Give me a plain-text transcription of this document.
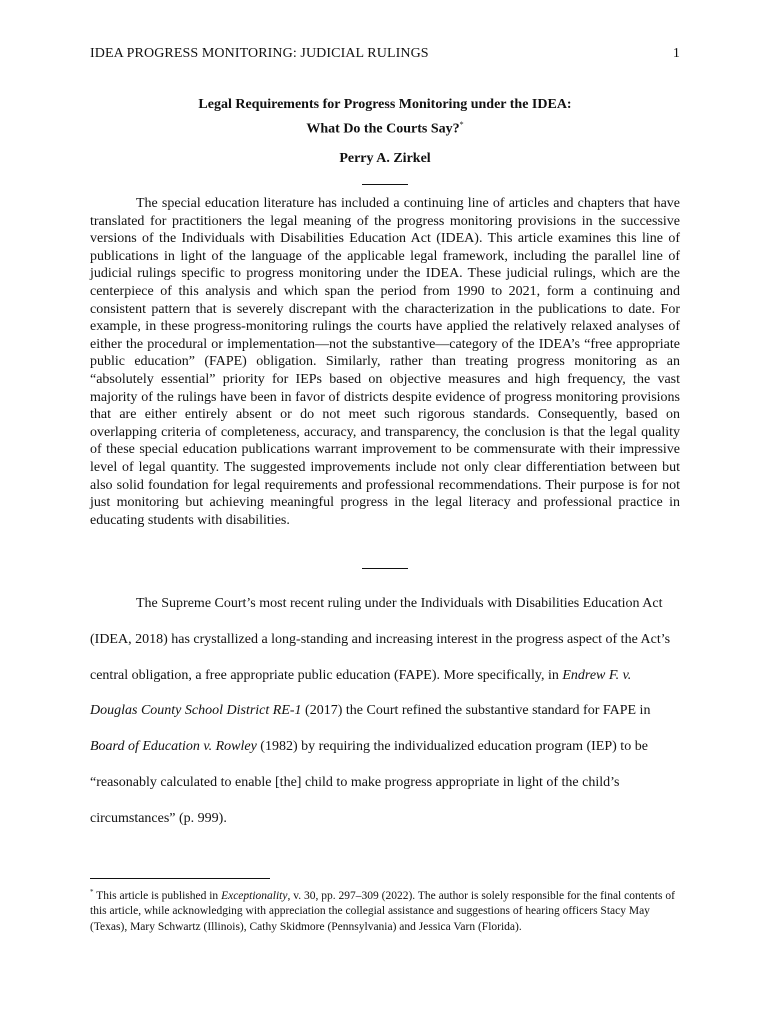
IDEA PROGRESS MONITORING: JUDICIAL RULINGS	1
Legal Requirements for Progress Monitoring under the IDEA:
What Do the Courts Say?*
Perry A. Zirkel

The special education literature has included a continuing line of articles and chapters that have translated for practitioners the legal meaning of the progress monitoring provisions in the successive versions of the Individuals with Disabilities Education Act (IDEA). This article examines this line of publications in light of the language of the applicable legal framework, including the parallel line of judicial rulings specific to progress monitoring under the IDEA. These judicial rulings, which are the centerpiece of this analysis and which span the period from 1990 to 2021, form a continuing and consistent pattern that is severely discrepant with the characterization in the publications to date. For example, in these progress-monitoring rulings the courts have applied the relatively relaxed analyses of either the procedural or implementation—not the substantive—category of the IDEA’s “free appropriate public education” (FAPE) obligation. Similarly, rather than treating progress monitoring as an “absolutely essential” priority for IEPs based on objective measures and high frequency, the vast majority of the rulings have been in favor of districts despite evidence of progress monitoring provisions that are either entirely absent or do not meet such rigorous standards. Consequently, based on overlapping criteria of completeness, accuracy, and transparency, the conclusion is that the legal quality of these special education publications warrant improvement to be commensurate with their impressive level of legal quantity. The suggested improvements include not only clear differentiation between but also solid foundation for legal requirements and professional recommendations. Their purpose is for not just monitoring but achieving meaningful progress in the legal literacy and professional practice in educating students with disabilities.

The Supreme Court’s most recent ruling under the Individuals with Disabilities Education Act (IDEA, 2018) has crystallized a long-standing and increasing interest in the progress aspect of the Act’s central obligation, a free appropriate public education (FAPE). More specifically, in Endrew F. v. Douglas County School District RE-1 (2017) the Court refined the substantive standard for FAPE in Board of Education v. Rowley (1982) by requiring the individualized education program (IEP) to be “reasonably calculated to enable [the] child to make progress appropriate in light of the child’s circumstances” (p. 999).

* This article is published in Exceptionality, v. 30, pp. 297–309 (2022). The author is solely responsible for the final contents of this article, while acknowledging with appreciation the collegial assistance and suggestions of hearing officers Stacy May (Texas), Mary Schwartz (Illinois), Cathy Skidmore (Pennsylvania) and Jessica Varn (Florida).
